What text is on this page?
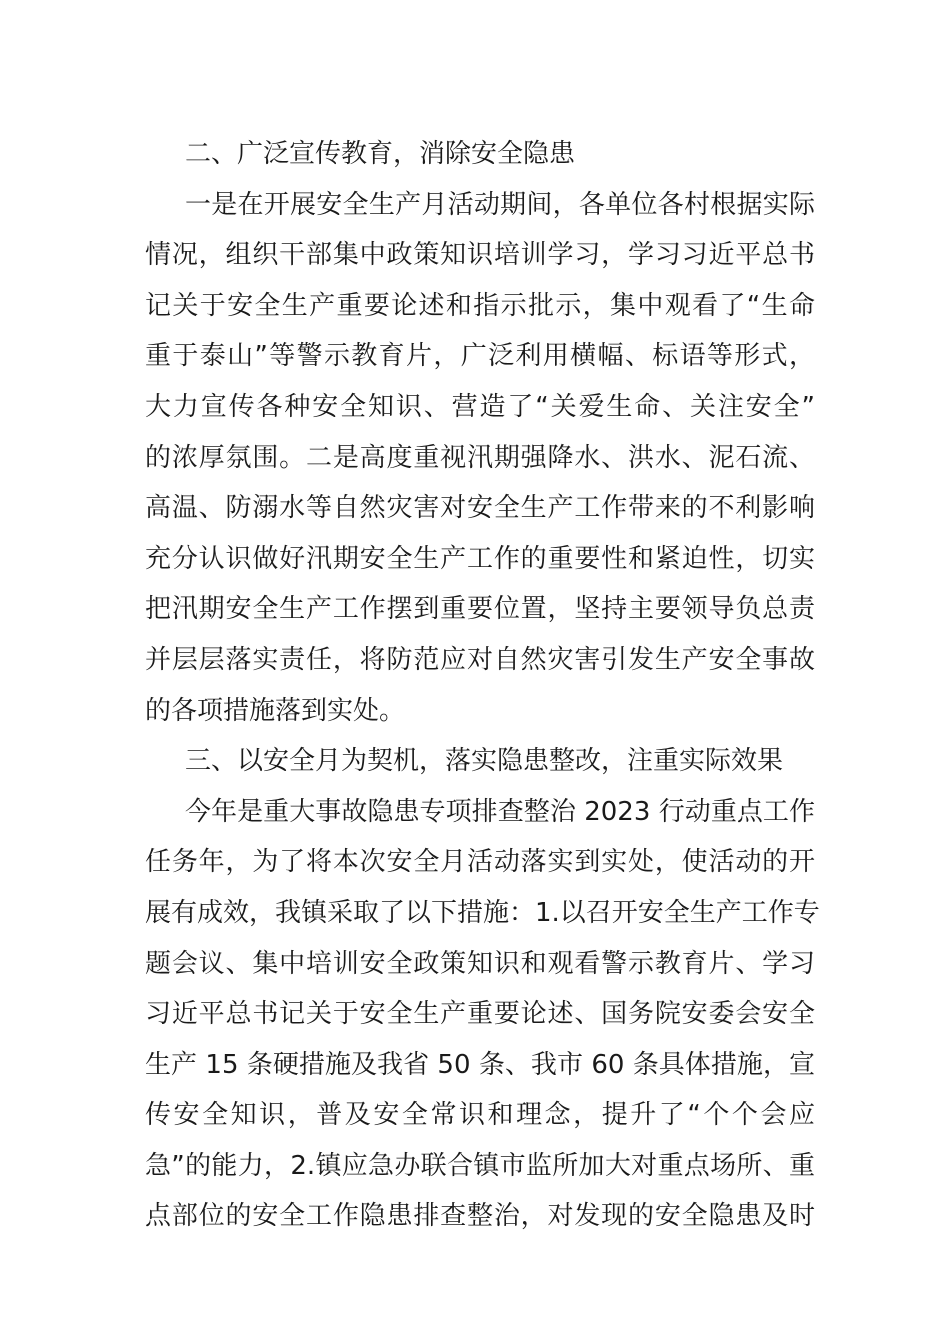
二、广泛宣传教育，消除安全隐患
一是在开展安全生产月活动期间，各单位各村根据实际
情况，组织干部集中政策知识培训学习，学习习近平总书
记关于安全生产重要论述和指示批示，集中观看了“生命
重于泰山”等警示教育片，广泛利用横幅、标语等形式，
大力宣传各种安全知识、营造了“关爱生命、关注安全”
的浓厚氛围。二是高度重视汛期强降水、洪水、泥石流、
高温、防溺水等自然灾害对安全生产工作带来的不利影响
充分认识做好汛期安全生产工作的重要性和紧迫性，切实
把汛期安全生产工作摆到重要位置，坚持主要领导负总责
并层层落实责任，将防范应对自然灾害引发生产安全事故
的各项措施落到实处。
三、以安全月为契机，落实隐患整改，注重实际效果
今年是重大事故隐患专项排查整治 2023 行动重点工作
任务年，为了将本次安全月活动落实到实处，使活动的开
展有成效，我镇采取了以下措施：1.以召开安全生产工作专
题会议、集中培训安全政策知识和观看警示教育片、学习
习近平总书记关于安全生产重要论述、国务院安委会安全
生产 15 条硬措施及我省 50 条、我市 60 条具体措施，宣
传安全知识，普及安全常识和理念，提升了“个个会应
急”的能力，2.镇应急办联合镇市监所加大对重点场所、重
点部位的安全工作隐患排查整治，对发现的安全隐患及时
